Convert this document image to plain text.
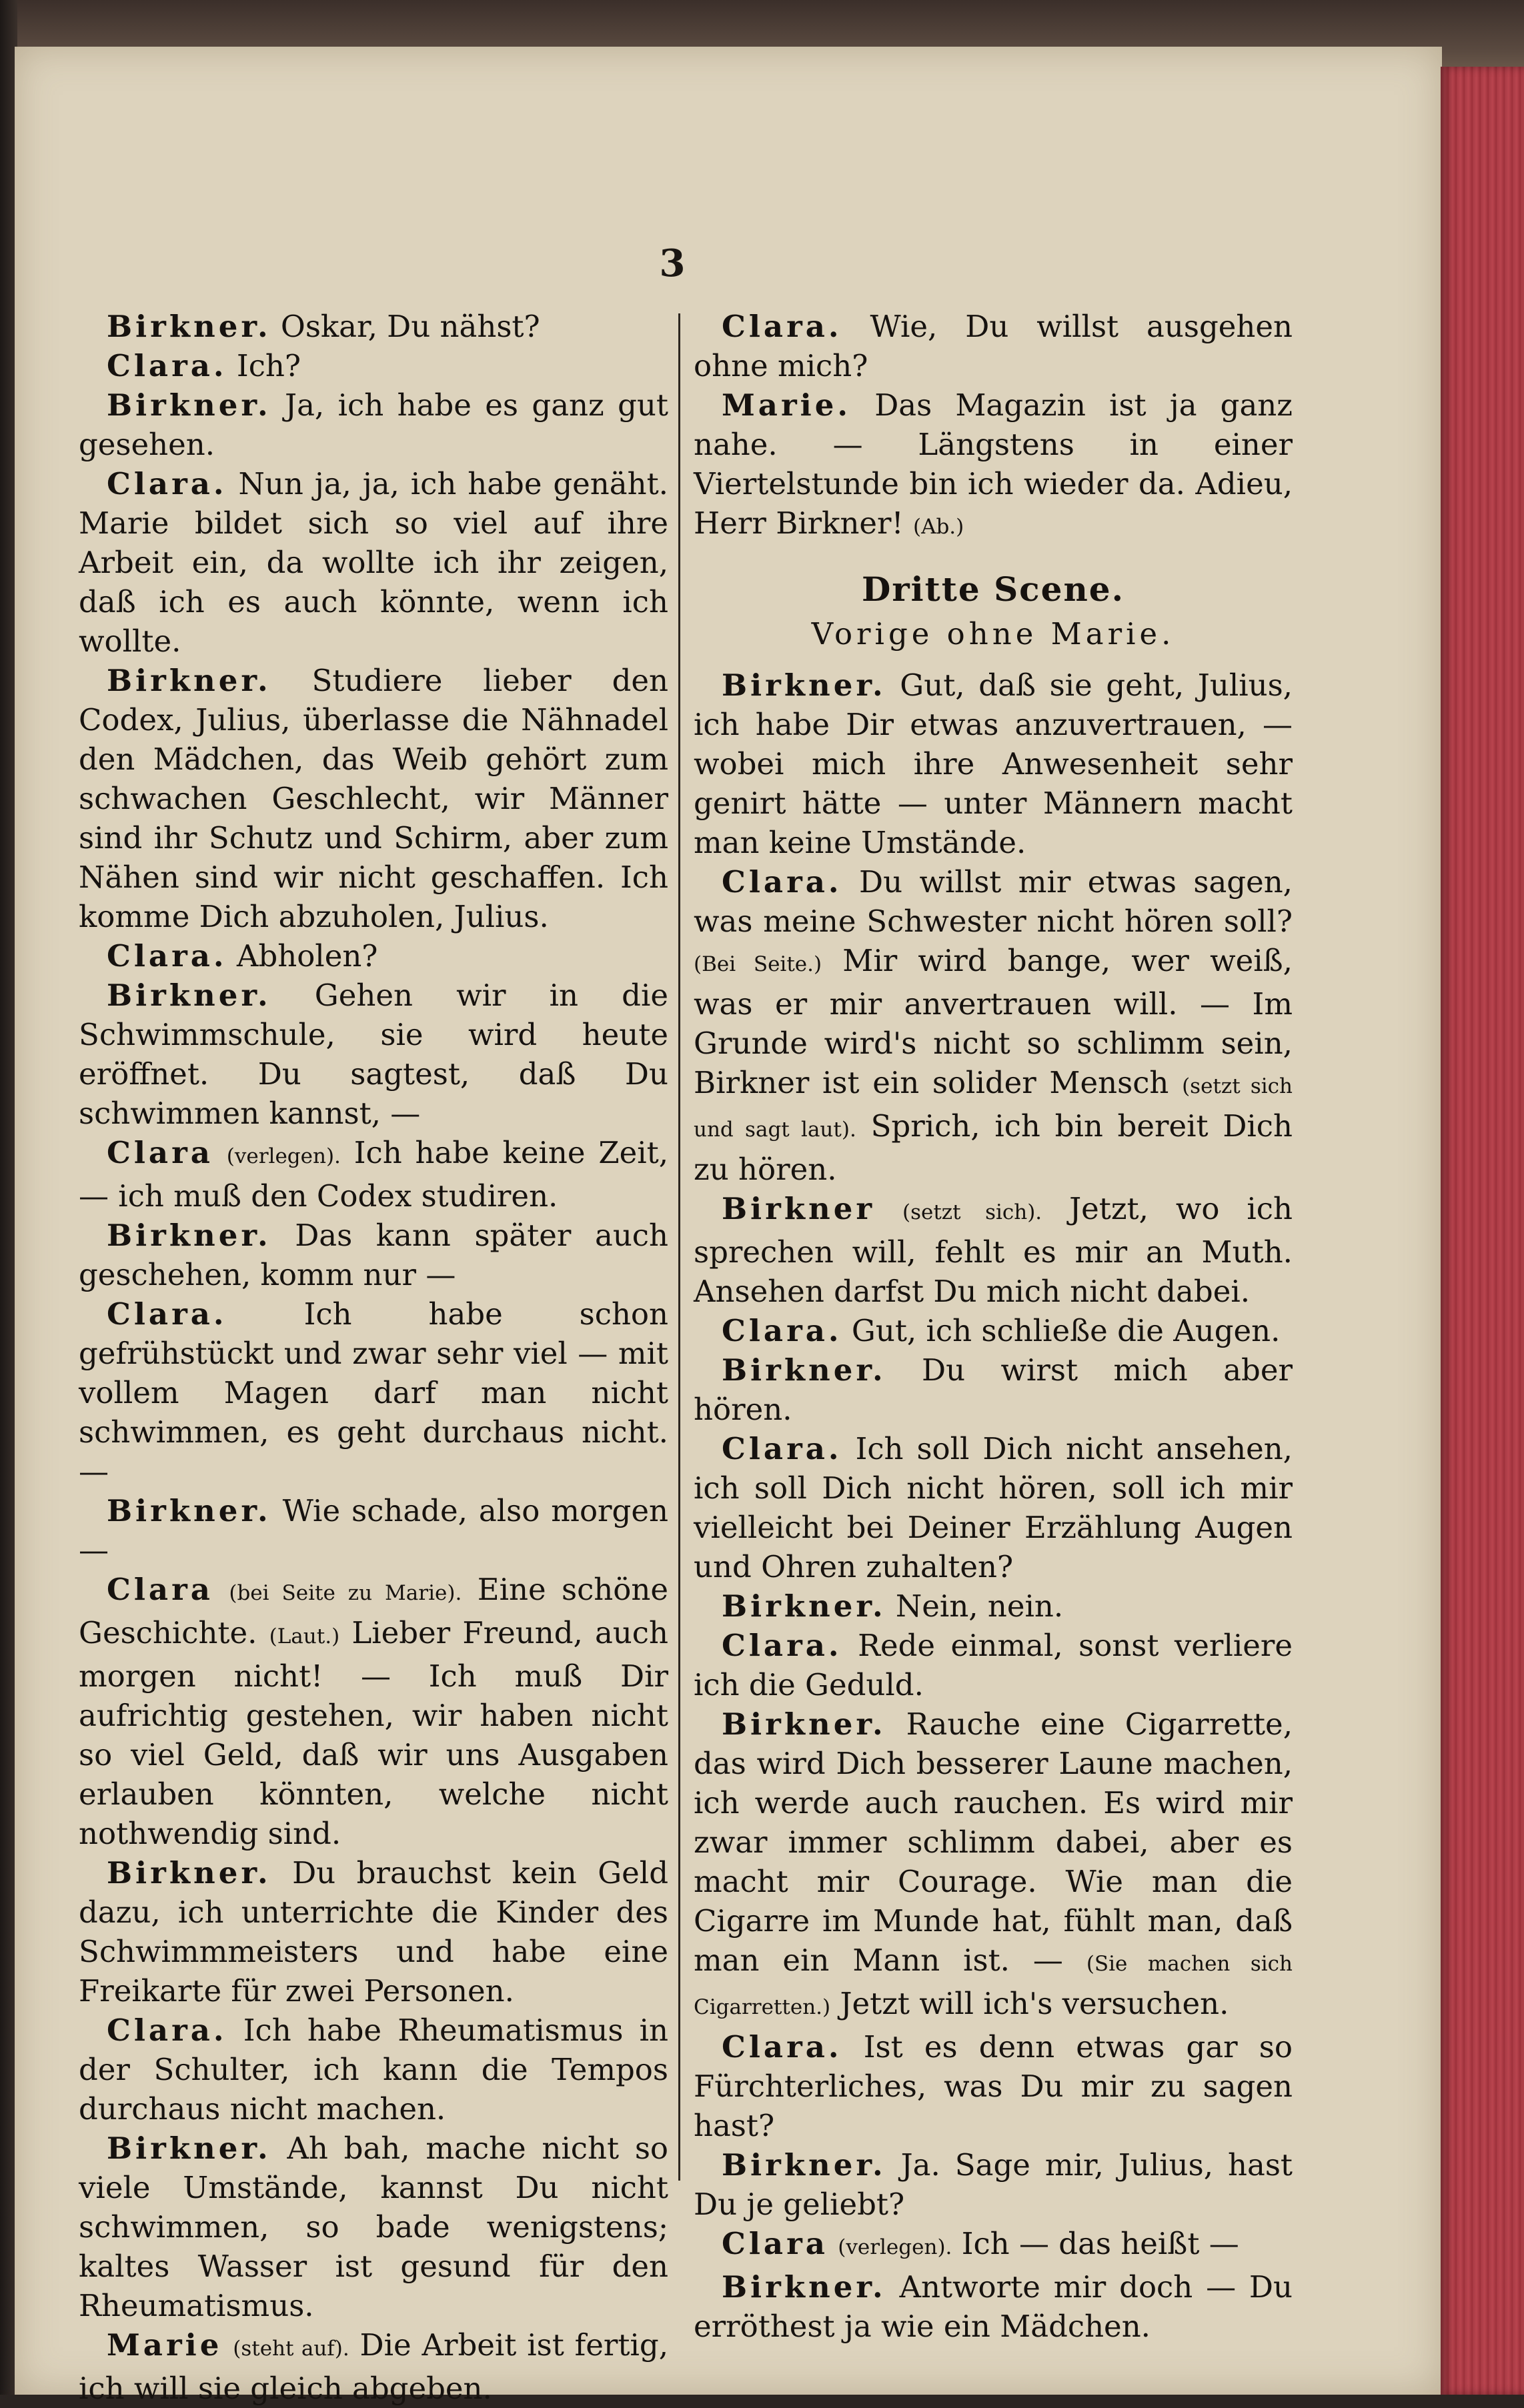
3

Birkner. Oskar, Du nähst?

Clara. Ich?

Birkner. Ja, ich habe es ganz gut gesehen.

Clara. Nun ja, ja, ich habe genäht. Marie bildet sich so viel auf ihre Arbeit ein, da wollte ich ihr zeigen, daß ich es auch könnte, wenn ich wollte.

Birkner. Studiere lieber den Codex, Julius, überlasse die Nähnadel den Mädchen, das Weib gehört zum schwachen Geschlecht, wir Männer sind ihr Schutz und Schirm, aber zum Nähen sind wir nicht geschaffen. Ich komme Dich abzuholen, Julius.

Clara. Abholen?

Birkner. Gehen wir in die Schwimmschule, sie wird heute eröffnet. Du sagtest, daß Du schwimmen kannst, —

Clara (verlegen). Ich habe keine Zeit, — ich muß den Codex studiren.

Birkner. Das kann später auch geschehen, komm nur —

Clara.	Ich habe schon gefrühstückt und zwar sehr viel — mit vollem Magen darf man nicht schwimmen, es geht durchaus nicht. —

Birkner. Wie schade, also morgen —

Clara (bei Seite zu Marie). Eine schöne Geschichte. (Laut.) Lieber Freund, auch morgen nicht! — Ich muß Dir aufrichtig gestehen, wir haben nicht so viel Geld, daß wir uns Ausgaben erlauben könnten, welche nicht nothwendig sind.

Birkner. Du brauchst kein Geld dazu, ich unterrichte die Kinder des Schwimmmeisters und habe eine Freikarte für zwei Personen.

Clara. Ich habe Rheumatismus in der Schulter, ich kann die Tempos durchaus nicht machen.

Birkner. Ah bah, mache nicht so viele Umstände, kannst Du nicht schwimmen, so bade wenigstens; kaltes Wasser ist gesund für den Rheumatismus.

Marie (steht auf). Die Arbeit ist fertig, ich will sie gleich abgeben.

Clara. Wie, Du willst ausgehen ohne mich?

Marie. Das Magazin ist ja ganz nahe. — Längstens in einer Viertelstunde bin ich wieder da. Adieu, Herr Birkner! (Ab.)

Dritte Scene.
Vorige ohne Marie.

Birkner. Gut, daß sie geht, Julius, ich habe Dir etwas anzuvertrauen, — wobei mich ihre Anwesenheit sehr genirt hätte — unter Männern macht man keine Umstände.

Clara. Du willst mir etwas sagen, was meine Schwester nicht hören soll? (Bei Seite.) Mir wird bange, wer weiß, was er mir anvertrauen will. — Im Grunde wird's nicht so schlimm sein, Birkner ist ein solider Mensch (setzt sich und sagt laut). Sprich, ich bin bereit Dich zu hören.

Birkner (setzt sich). Jetzt, wo ich sprechen will, fehlt es mir an Muth. Ansehen darfst Du mich nicht dabei.

Clara. Gut, ich schließe die Augen.

Birkner. Du wirst mich aber hören.

Clara. Ich soll Dich nicht ansehen, ich soll Dich nicht hören, soll ich mir vielleicht bei Deiner Erzählung Augen und Ohren zuhalten?

Birkner. Nein, nein.

Clara. Rede einmal, sonst verliere ich die Geduld.

Birkner. Rauche eine Cigarrette, das wird Dich besserer Laune machen, ich werde auch rauchen. Es wird mir zwar immer schlimm dabei, aber es macht mir Courage. Wie man die Cigarre im Munde hat, fühlt man, daß man ein Mann ist. — (Sie machen sich Cigarretten.) Jetzt will ich's versuchen.

Clara. Ist es denn etwas gar so Fürchterliches, was Du mir zu sagen hast?

Birkner. Ja. Sage mir, Julius, hast Du je geliebt?

Clara (verlegen). Ich — das heißt —

Birkner. Antworte mir doch — Du erröthest ja wie ein Mädchen.
